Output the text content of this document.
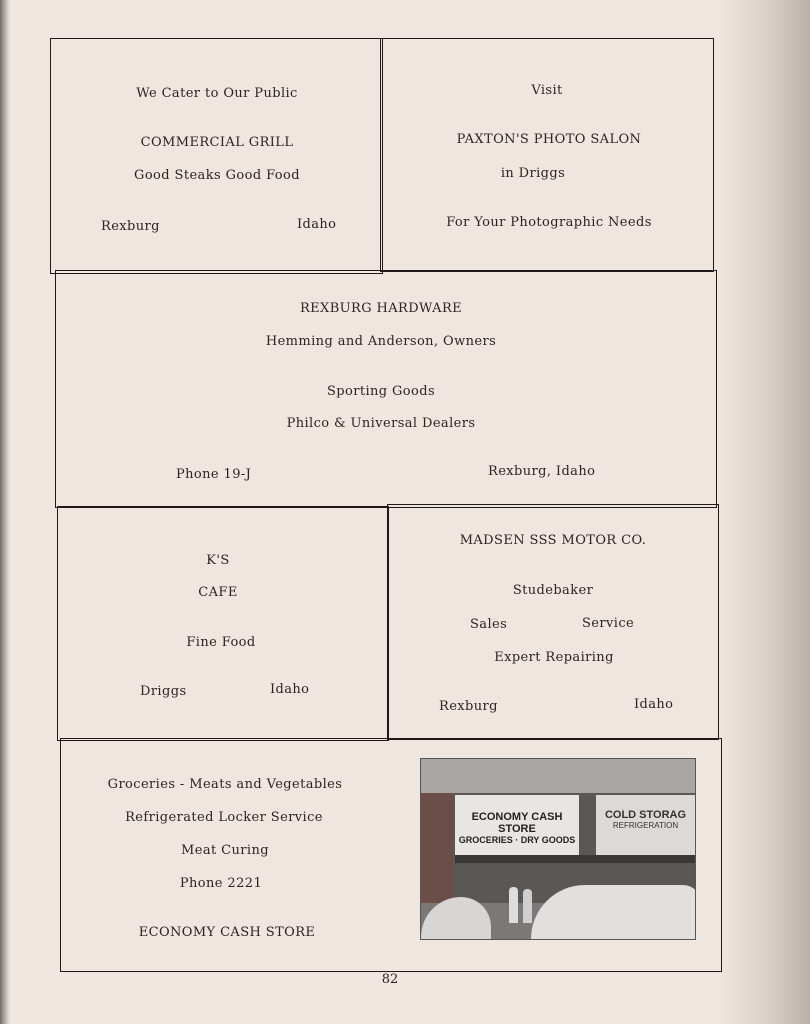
We Cater to Our Public
COMMERCIAL GRILL
Good Steaks Good Food
Rexburg	Idaho
Visit
PAXTON'S PHOTO SALON
in Driggs
For Your Photographic Needs
REXBURG HARDWARE
Hemming and Anderson, Owners
Sporting Goods
Philco & Universal Dealers
Phone 19-J	Rexburg, Idaho
K'S
CAFE
Fine Food
Driggs	Idaho
MADSEN SSS MOTOR CO.
Studebaker
Sales	Service
Expert Repairing
Rexburg	Idaho
Groceries - Meats and Vegetables
Refrigerated Locker Service
Meat Curing
Phone 2221
ECONOMY CASH STORE
ECONOMY CASH STORE
GROCERIES · DRY GOODS
COLD STORAG
REFRIGERATION
82
